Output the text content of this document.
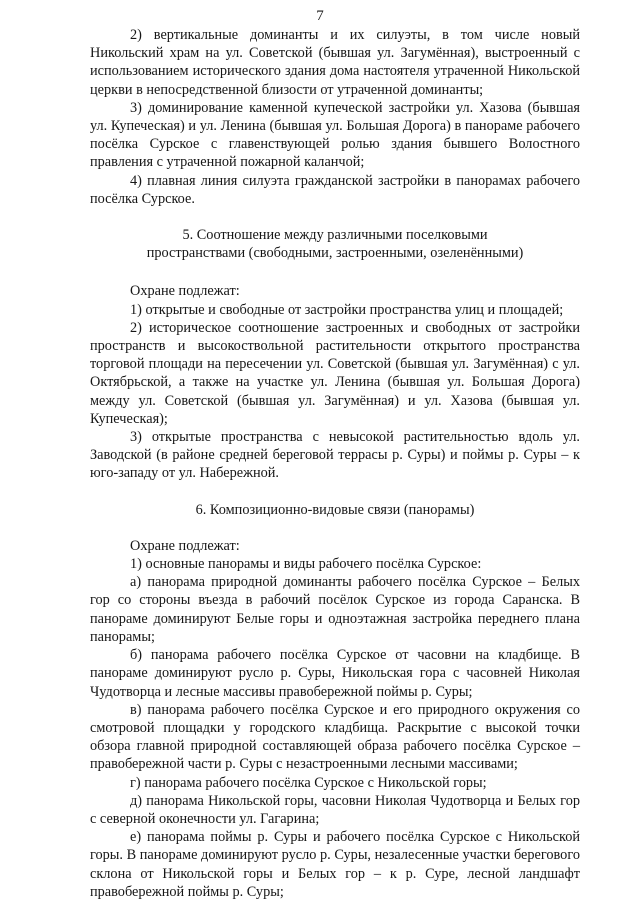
7

2) вертикальные доминанты и их силуэты, в том числе новый Никольский храм на ул. Советской (бывшая ул. Загумённая), выстроенный с использованием исторического здания дома настоятеля утраченной Никольской церкви в непосредственной близости от утраченной доминанты;

3) доминирование каменной купеческой застройки ул. Хазова (бывшая ул. Купеческая) и ул. Ленина (бывшая ул. Большая Дорога) в панораме рабочего посёлка Сурское с главенствующей ролью здания бывшего Волостного правления с утраченной пожарной каланчой;

4) плавная линия силуэта гражданской застройки в панорамах рабочего посёлка Сурское.

5. Соотношение между различными поселковыми
пространствами (свободными, застроенными, озеленёнными)

Охране подлежат:

1) открытые и свободные от застройки пространства улиц и площадей;

2) историческое соотношение застроенных и свободных от застройки пространств и высокоствольной растительности открытого пространства торговой площади на пересечении ул. Советской (бывшая ул. Загумённая) с ул. Октябрьской, а также на участке ул. Ленина (бывшая ул. Большая Дорога) между ул. Советской (бывшая ул. Загумённая) и ул. Хазова (бывшая ул. Купеческая);

3) открытые пространства с невысокой растительностью вдоль ул. Заводской (в районе средней береговой террасы р. Суры) и поймы р. Суры – к юго-западу от ул. Набережной.

6. Композиционно-видовые связи (панорамы)

Охране подлежат:

1) основные панорамы и виды рабочего посёлка Сурское:

а) панорама природной доминанты рабочего посёлка Сурское – Белых гор со стороны въезда в рабочий посёлок Сурское из города Саранска. В панораме доминируют Белые горы и одноэтажная застройка переднего плана панорамы;

б) панорама рабочего посёлка Сурское от часовни на кладбище. В панораме доминируют русло р. Суры, Никольская гора с часовней Николая Чудотворца и лесные массивы правобережной поймы р. Суры;

в) панорама рабочего посёлка Сурское и его природного окружения со смотровой площадки у городского кладбища. Раскрытие с высокой точки обзора главной природной составляющей образа рабочего посёлка Сурское – правобережной части р. Суры с незастроенными лесными массивами;

г) панорама рабочего посёлка Сурское с Никольской горы;

д) панорама Никольской горы, часовни Николая Чудотворца и Белых гор с северной оконечности ул. Гагарина;

е) панорама поймы р. Суры и рабочего посёлка Сурское с Никольской горы. В панораме доминируют русло р. Суры, незалесенные участки берегового склона от Никольской горы и Белых гор – к р. Суре, лесной ландшафт правобережной поймы р. Суры;
